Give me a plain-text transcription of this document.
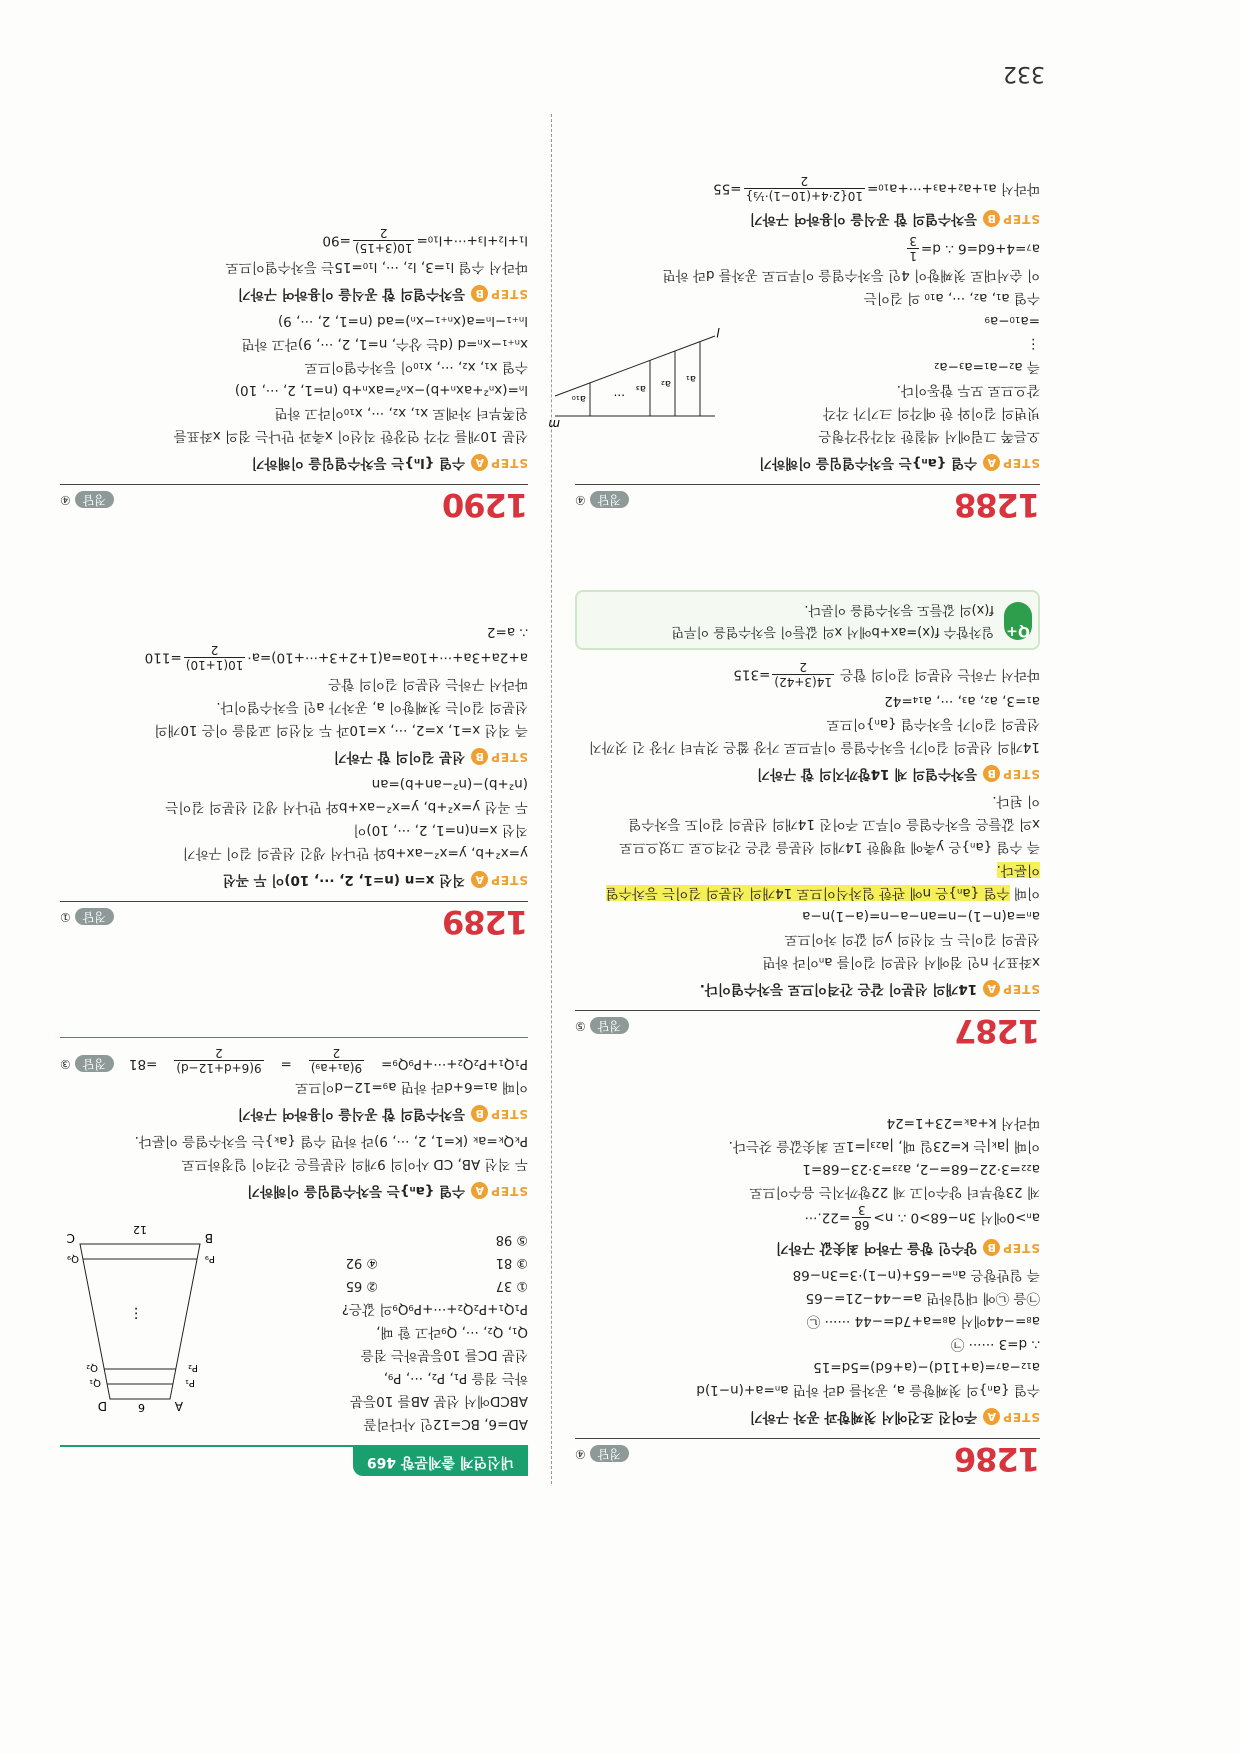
1286
정답④
STEPA주어진 조건에서 첫째항과 공차 구하기
수열 {aₙ}의 첫째항을 a, 공차를 d라 하면 aₙ=a+(n−1)d
a₁₂−a₇=(a+11d)−(a+6d)=5d=15
∴ d=3 ······ ㉠
a₈=−44에서 a₈=a+7d=−44 ······ ㉡
㉠을 ㉡에 대입하면 a=−44−21=−65
즉 일반항은 aₙ=−65+(n−1)·3=3n−68
STEPB양수인 항을 구하여 최솟값 구하기
aₙ>0에서 3n−68>0 ∴ n>
68
3
=22.···
제 23항부터 양수이고 제 22항까지는 음수이므로
a₂₂=3·22−68=−2, a₂₃=3·23−68=1
이때 |aₖ|는 k=23일 때, |a₂₃|=1로 최솟값을 갖는다.
따라서 k+aₖ=23+1=24
1287
정답⑤
STEPA14개의 선분이 같은 간격이므로 등차수열이다.
x좌표가 n인 점에서 선분의 길이를 aₙ이라 하면
선분의 길이는 두 직선의 y의 값의 차이므로
aₙ=a(n−1)−n=an−a−n=(a−1)n−a
이때 수열 {aₙ}은 n에 관한 일차식이므로 14개의 선분의 길이는 등차수열
이룬다.
즉 수열 {aₙ}은 y축에 평행한 14개의 선분을 같은 간격으로 그었으므로
x의 값들은 등차수열을 이루고 주어진 14개의 선분의 길이도 등차수열
이 된다.
STEPB등차수열의 제 14항까지의 합 구하기
14개의 선분의 길이가 등차수열을 이루므로 가장 짧은 것부터 가장 긴 것까지
선분의 길이가 등차수열 {aₙ}이므로
a₁=3, a₂, a₃, ···, a₁₄=42
따라서 구하는 선분의 길이의 합은
14(3+42)
2
=315
Q+
일차함수 f(x)=ax+b에서 x의 값들이 등차수열을 이루면
f(x)의 값들도 등차수열을 이룬다.
1288
정답④
STEPA수열 {aₙ}는 등차수열임을 이해하기
오른쪽 그림에서 색칠한 직각삼각형은
빗변의 길이와 한 예각의 크기가 각각
같으므로 모두 합동이다.
즉 a₂−a₁=a₃−a₂
⋮
=a₁₀−a₉
수열 a₁, a₂, ···, a₁₀ 의 길이는
이 순서대로 첫째항이 4인 등차수열을 이루므로 공차를 d라 하면
a₇=4+6d=6 ∴ d=
1
3
STEPB등차수열의 합 공식을 이용하여 구하기
따라서 a₁+a₂+a₃+···+a₁₀=
10{2·4+(10−1)·⅓}
2
=55
a₁
a₂
a₃
···
a₁₀
l
m
내신연계 출제문항 469
AD=6, BC=12인 사다리꼴
ABCD에서 선분 AB를 10등분
하는 점을 P₁, P₂, ···, P₉,
선분 DC를 10등분하는 점을
Q₁, Q₂, ···, Q₉라고 할 때,
P₁Q₁+P₂Q₂+···+P₉Q₉의 값은?
① 37
② 65
③ 81
④ 92
⑤ 98
STEPA수열 {aₙ}는 등차수열임을 이해하기
두 직선 AB, CD 사이의 9개의 선분들은 간격이 일정하므로
PₖQₖ=aₖ (k=1, 2, ···, 9)라 하면 수열 {aₖ}는 등차수열을 이룬다.
STEPB등차수열의 합 공식을 이용하여 구하기
이때 a₁=6+d라 하면 a₉=12−d이므로
P₁Q₁+P₂Q₂+···+P₉Q₉=
9(a₁+a₉)
2
=
9(6+d+12−d)
2
=81
정답③
⋮
A
D
B
C
6
12
P₁
P₂
P₉
Q₁
Q₂
Q₉
1289
정답①
STEPA직선 x=n (n=1, 2, ···, 10)이 두 곡선
y=x²+b, y=x²−ax+b와 만나서 생긴 선분의 길이 구하기
직선 x=n(n=1, 2, ···, 10)이
두 곡선 y=x²+b, y=x²−ax+b와 만나서 생긴 선분의 길이는
(n²+b)−(n²−an+b)=an
STEPB선분 길이의 합 구하기
즉 직선 x=1, x=2, ···, x=10과 두 직선의 교점을 이은 10개의
선분의 길이는 첫째항이 a, 공차가 a인 등차수열이다.
따라서 구하는 선분의 길이의 합은
a+2a+3a+···+10a=a(1+2+3+···+10)=a·
10(1+10)
2
=110
∴ a=2
1290
정답④
STEPA수열 {lₙ}는 등차수열임을 이해하기
선분 10개를 각각 연장한 직선이 x축과 만나는 점의 x좌표를
왼쪽부터 차례로 x₁, x₂, ···, x₁₀이라고 하면
lₙ=(xₙ²+axₙ+b)−xₙ²=axₙ+b (n=1, 2, ···, 10)
수열 x₁, x₂, ···, x₁₀이 등차수열이므로
xₙ₊₁−xₙ=d (d는 상수, n=1, 2, ···, 9)라고 하면
lₙ₊₁−lₙ=a(xₙ₊₁−xₙ)=ad (n=1, 2, ···, 9)
STEPB등차수열의 합 공식을 이용하여 구하기
따라서 수열 l₁=3, l₂, ···, l₁₀=15는 등차수열이므로
l₁+l₂+l₃+···+l₁₀=
10(3+15)
2
=90
332
